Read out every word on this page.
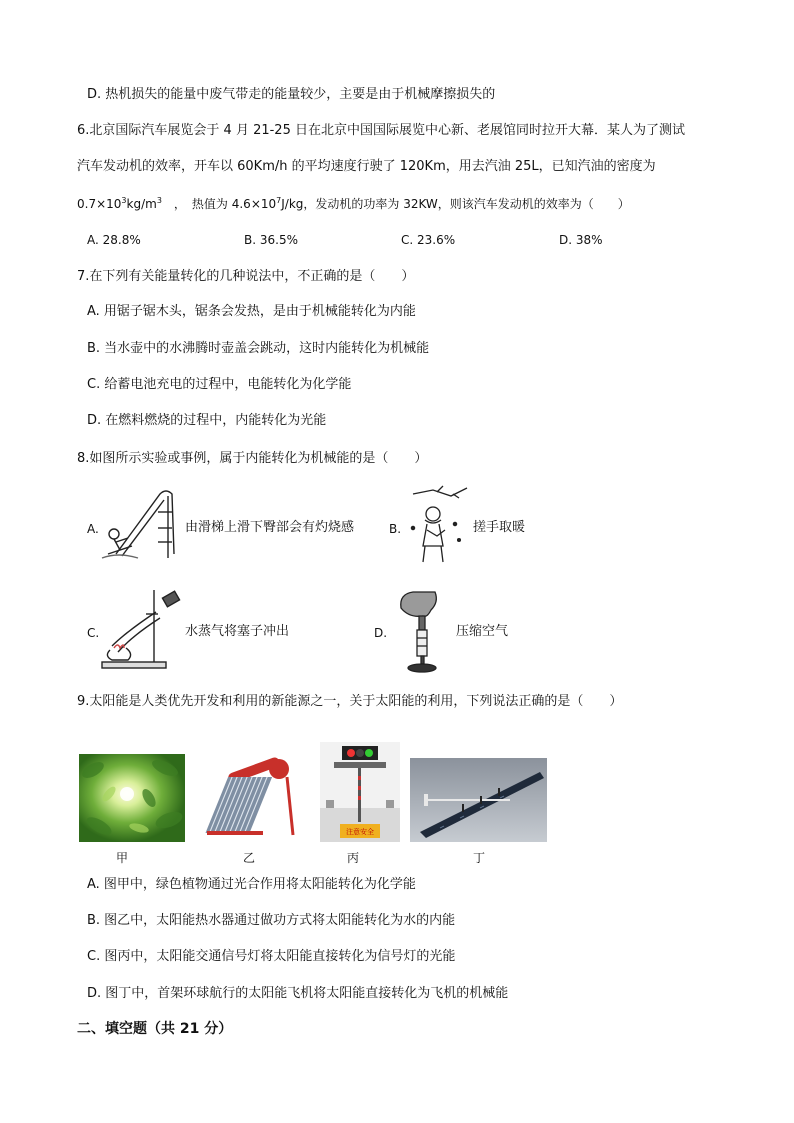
D. 热机损失的能量中废气带走的能量较少，主要是由于机械摩擦损失的
6.北京国际汽车展览会于 4 月 21-25 日在北京中国国际展览中心新、老展馆同时拉开大幕．某人为了测试
汽车发动机的效率，开车以 60Km/h 的平均速度行驶了 120Km，用去汽油 25L，已知汽油的密度为
$0.7\times 10^3kg/m^3$　，　热值为 $4.6\times 10^7J/kg$，发动机的功率为 32KW，则该汽车发动机的效率为（　　）
A. 28.8%	B. 36.5%	C. 23.6%	D. 38%
7.在下列有关能量转化的几种说法中，不正确的是（　　）
A. 用锯子锯木头，锯条会发热，是由于机械能转化为内能
B. 当水壶中的水沸腾时壶盖会跳动，这时内能转化为机械能
C. 给蓄电池充电的过程中，电能转化为化学能
D. 在燃料燃烧的过程中，内能转化为光能
8.如图所示实验或事例，属于内能转化为机械能的是（　　）
A.	由滑梯上滑下臀部会有灼烧感	B.	搓手取暖
C.	水蒸气将塞子冲出	D.	压缩空气
9.太阳能是人类优先开发和利用的新能源之一，关于太阳能的利用，下列说法正确的是（　　）
注意安全
甲	乙	丙	丁
A. 图甲中，绿色植物通过光合作用将太阳能转化为化学能
B. 图乙中，太阳能热水器通过做功方式将太阳能转化为水的内能
C. 图丙中，太阳能交通信号灯将太阳能直接转化为信号灯的光能
D. 图丁中，首架环球航行的太阳能飞机将太阳能直接转化为飞机的机械能
二、填空题（共 21 分）
